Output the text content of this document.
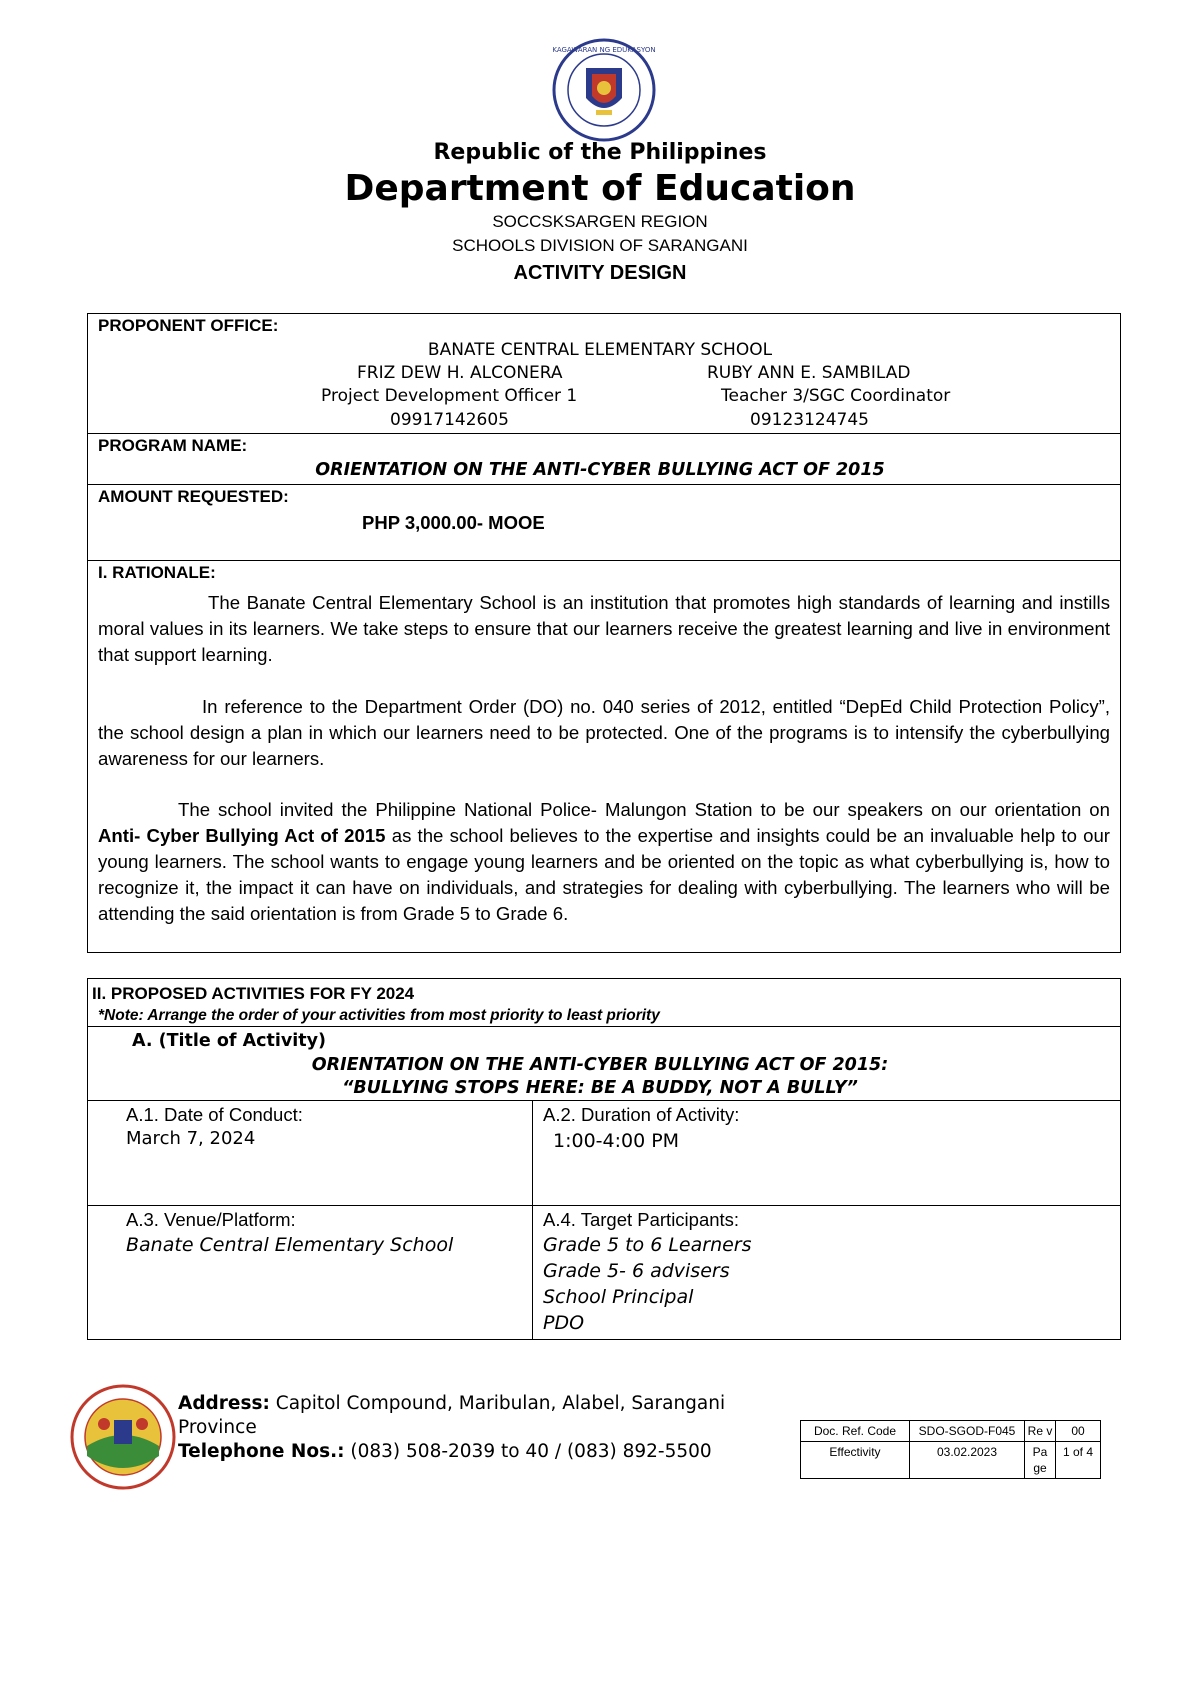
KAGAWARAN NG EDUKASYON
Republic of the Philippines
Department of Education
SOCCSKSARGEN REGION
SCHOOLS DIVISION OF SARANGANI
ACTIVITY DESIGN
PROPONENT OFFICE:
BANATE CENTRAL ELEMENTARY SCHOOL
FRIZ DEW H. ALCONERA	RUBY ANN E. SAMBILAD
Project Development Officer 1	Teacher 3/SGC Coordinator
09917142605	09123124745
PROGRAM NAME:
ORIENTATION ON THE ANTI-CYBER BULLYING ACT OF 2015
AMOUNT REQUESTED:
PHP 3,000.00- MOOE
I. RATIONALE:
The Banate Central Elementary School is an institution that promotes high standards of learning and instills moral values in its learners. We take steps to ensure that our learners receive the greatest learning and live in environment that support learning.
In reference to the Department Order (DO) no. 040 series of 2012, entitled “DepEd Child Protection Policy”, the school design a plan in which our learners need to be protected. One of the programs is to intensify the cyberbullying awareness for our learners.
The school invited the Philippine National Police- Malungon Station to be our speakers on our orientation on Anti- Cyber Bullying Act of 2015 as the school believes to the expertise and insights could be an invaluable help to our young learners. The school wants to engage young learners and be oriented on the topic as what cyberbullying is, how to recognize it, the impact it can have on individuals, and strategies for dealing with cyberbullying. The learners who will be attending the said orientation is from Grade 5 to Grade 6.
II. PROPOSED ACTIVITIES FOR FY 2024
*Note: Arrange the order of your activities from most priority to least priority
A. (Title of Activity)
ORIENTATION ON THE ANTI-CYBER BULLYING ACT OF 2015:
“BULLYING STOPS HERE: BE A BUDDY, NOT A BULLY”
A.1. Date of Conduct:
March 7, 2024
A.2. Duration of Activity:
1:00-4:00 PM
A.3. Venue/Platform:
Banate Central Elementary School
A.4. Target Participants:
Grade 5 to 6 Learners
Grade 5- 6 advisers
School Principal
PDO
Address: Capitol Compound, Maribulan, Alabel, Sarangani Province
Telephone Nos.: (083) 508-2039 to 40 / (083) 892-5500
Doc. Ref. Code	SDO-SGOD-F045	Re v	00
Effectivity	03.02.2023	Pa ge	1 of 4
